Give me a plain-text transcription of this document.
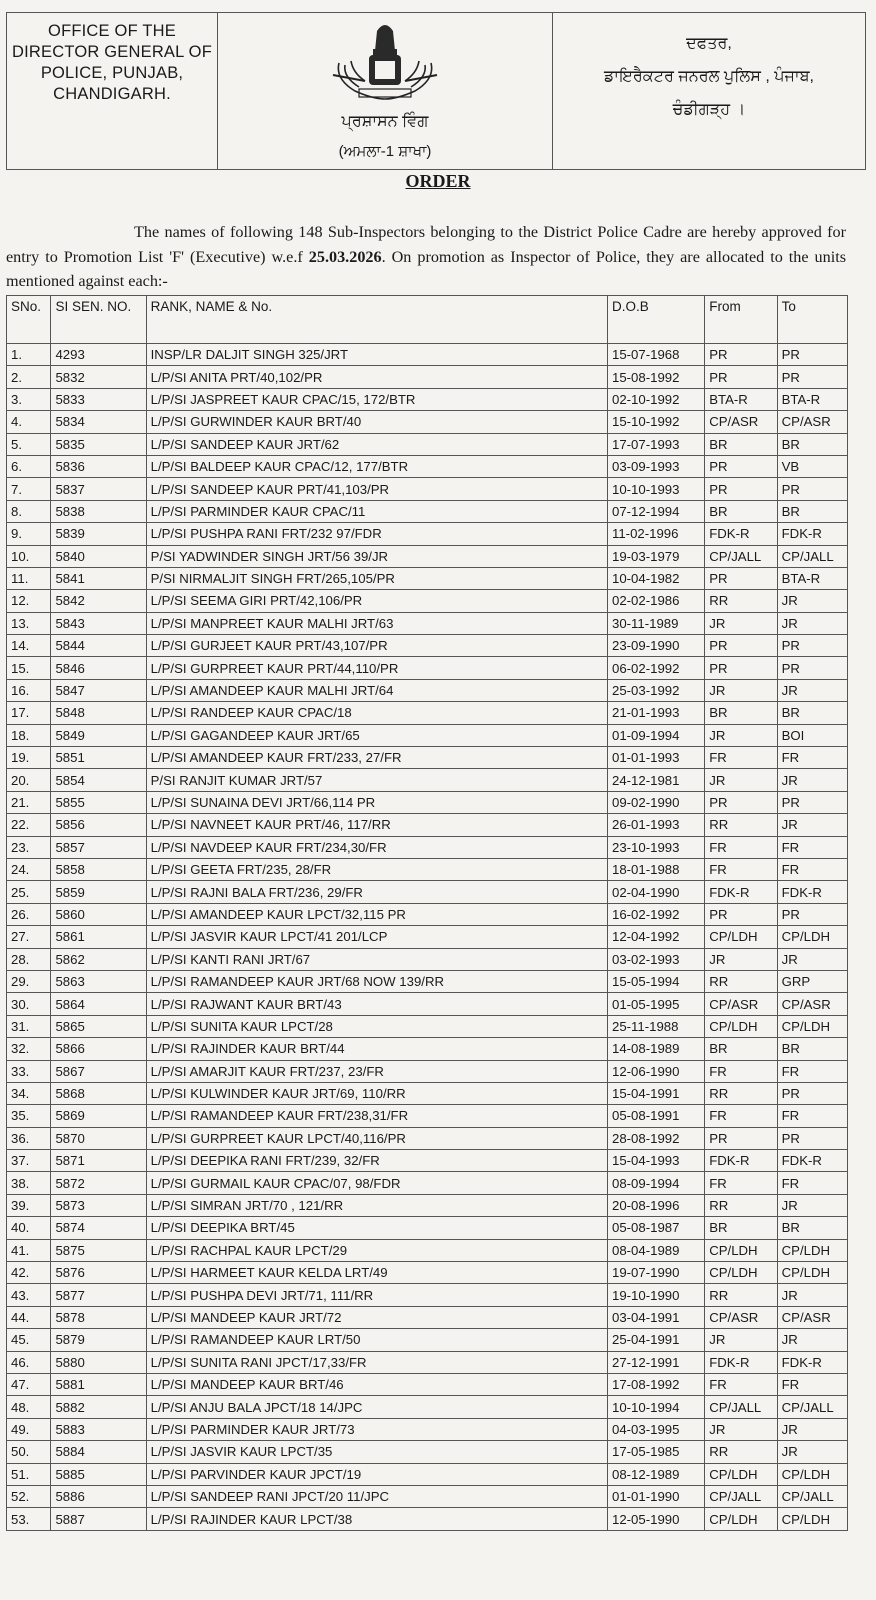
OFFICE OF THE
DIRECTOR GENERAL OF
POLICE, PUNJAB,
CHANDIGARH.
ਪ੍ਰਸ਼ਾਸਨ ਵਿੰਗ
(ਅਮਲਾ-1 ਸ਼ਾਖਾ)
ਦਫਤਰ,
ਡਾਇਰੈਕਟਰ ਜਨਰਲ ਪੁਲਿਸ , ਪੰਜਾਬ,
ਚੰਡੀਗੜ੍ਹ ।
ORDER
The names of following 148 Sub-Inspectors belonging to the District Police Cadre are hereby approved for entry to Promotion List 'F' (Executive) w.e.f 25.03.2026. On promotion as Inspector of Police, they are allocated to the units mentioned against each:-
SNo.	SI SEN. NO.	RANK, NAME & No.	D.O.B	From	To
1.	4293	INSP/LR DALJIT SINGH 325/JRT	15-07-1968	PR	PR
2.	5832	L/P/SI ANITA PRT/40,102/PR	15-08-1992	PR	PR
3.	5833	L/P/SI JASPREET KAUR CPAC/15, 172/BTR	02-10-1992	BTA-R	BTA-R
4.	5834	L/P/SI GURWINDER KAUR BRT/40	15-10-1992	CP/ASR	CP/ASR
5.	5835	L/P/SI SANDEEP KAUR JRT/62	17-07-1993	BR	BR
6.	5836	L/P/SI BALDEEP KAUR CPAC/12, 177/BTR	03-09-1993	PR	VB
7.	5837	L/P/SI SANDEEP KAUR PRT/41,103/PR	10-10-1993	PR	PR
8.	5838	L/P/SI PARMINDER KAUR CPAC/11	07-12-1994	BR	BR
9.	5839	L/P/SI PUSHPA RANI FRT/232 97/FDR	11-02-1996	FDK-R	FDK-R
10.	5840	P/SI YADWINDER SINGH JRT/56 39/JR	19-03-1979	CP/JALL	CP/JALL
11.	5841	P/SI NIRMALJIT SINGH FRT/265,105/PR	10-04-1982	PR	BTA-R
12.	5842	L/P/SI SEEMA GIRI PRT/42,106/PR	02-02-1986	RR	JR
13.	5843	L/P/SI MANPREET KAUR MALHI JRT/63	30-11-1989	JR	JR
14.	5844	L/P/SI GURJEET KAUR PRT/43,107/PR	23-09-1990	PR	PR
15.	5846	L/P/SI GURPREET KAUR PRT/44,110/PR	06-02-1992	PR	PR
16.	5847	L/P/SI AMANDEEP KAUR MALHI JRT/64	25-03-1992	JR	JR
17.	5848	L/P/SI RANDEEP KAUR CPAC/18	21-01-1993	BR	BR
18.	5849	L/P/SI GAGANDEEP KAUR JRT/65	01-09-1994	JR	BOI
19.	5851	L/P/SI AMANDEEP KAUR FRT/233, 27/FR	01-01-1993	FR	FR
20.	5854	P/SI RANJIT KUMAR JRT/57	24-12-1981	JR	JR
21.	5855	L/P/SI SUNAINA DEVI JRT/66,114 PR	09-02-1990	PR	PR
22.	5856	L/P/SI NAVNEET KAUR PRT/46, 117/RR	26-01-1993	RR	JR
23.	5857	L/P/SI NAVDEEP KAUR FRT/234,30/FR	23-10-1993	FR	FR
24.	5858	L/P/SI GEETA FRT/235, 28/FR	18-01-1988	FR	FR
25.	5859	L/P/SI RAJNI BALA FRT/236, 29/FR	02-04-1990	FDK-R	FDK-R
26.	5860	L/P/SI AMANDEEP KAUR LPCT/32,115 PR	16-02-1992	PR	PR
27.	5861	L/P/SI JASVIR KAUR LPCT/41 201/LCP	12-04-1992	CP/LDH	CP/LDH
28.	5862	L/P/SI KANTI RANI JRT/67	03-02-1993	JR	JR
29.	5863	L/P/SI RAMANDEEP KAUR JRT/68 NOW 139/RR	15-05-1994	RR	GRP
30.	5864	L/P/SI RAJWANT KAUR BRT/43	01-05-1995	CP/ASR	CP/ASR
31.	5865	L/P/SI SUNITA KAUR LPCT/28	25-11-1988	CP/LDH	CP/LDH
32.	5866	L/P/SI RAJINDER KAUR BRT/44	14-08-1989	BR	BR
33.	5867	L/P/SI AMARJIT KAUR FRT/237, 23/FR	12-06-1990	FR	FR
34.	5868	L/P/SI KULWINDER KAUR JRT/69, 110/RR	15-04-1991	RR	PR
35.	5869	L/P/SI RAMANDEEP KAUR FRT/238,31/FR	05-08-1991	FR	FR
36.	5870	L/P/SI GURPREET KAUR LPCT/40,116/PR	28-08-1992	PR	PR
37.	5871	L/P/SI DEEPIKA RANI FRT/239, 32/FR	15-04-1993	FDK-R	FDK-R
38.	5872	L/P/SI GURMAIL KAUR CPAC/07, 98/FDR	08-09-1994	FR	FR
39.	5873	L/P/SI SIMRAN JRT/70 , 121/RR	20-08-1996	RR	JR
40.	5874	L/P/SI DEEPIKA BRT/45	05-08-1987	BR	BR
41.	5875	L/P/SI RACHPAL KAUR LPCT/29	08-04-1989	CP/LDH	CP/LDH
42.	5876	L/P/SI HARMEET KAUR KELDA LRT/49	19-07-1990	CP/LDH	CP/LDH
43.	5877	L/P/SI PUSHPA DEVI JRT/71, 111/RR	19-10-1990	RR	JR
44.	5878	L/P/SI MANDEEP KAUR JRT/72	03-04-1991	CP/ASR	CP/ASR
45.	5879	L/P/SI RAMANDEEP KAUR LRT/50	25-04-1991	JR	JR
46.	5880	L/P/SI SUNITA RANI JPCT/17,33/FR	27-12-1991	FDK-R	FDK-R
47.	5881	L/P/SI MANDEEP KAUR BRT/46	17-08-1992	FR	FR
48.	5882	L/P/SI ANJU BALA JPCT/18 14/JPC	10-10-1994	CP/JALL	CP/JALL
49.	5883	L/P/SI PARMINDER KAUR JRT/73	04-03-1995	JR	JR
50.	5884	L/P/SI JASVIR KAUR LPCT/35	17-05-1985	RR	JR
51.	5885	L/P/SI PARVINDER KAUR JPCT/19	08-12-1989	CP/LDH	CP/LDH
52.	5886	L/P/SI SANDEEP RANI JPCT/20 11/JPC	01-01-1990	CP/JALL	CP/JALL
53.	5887	L/P/SI RAJINDER KAUR LPCT/38	12-05-1990	CP/LDH	CP/LDH
